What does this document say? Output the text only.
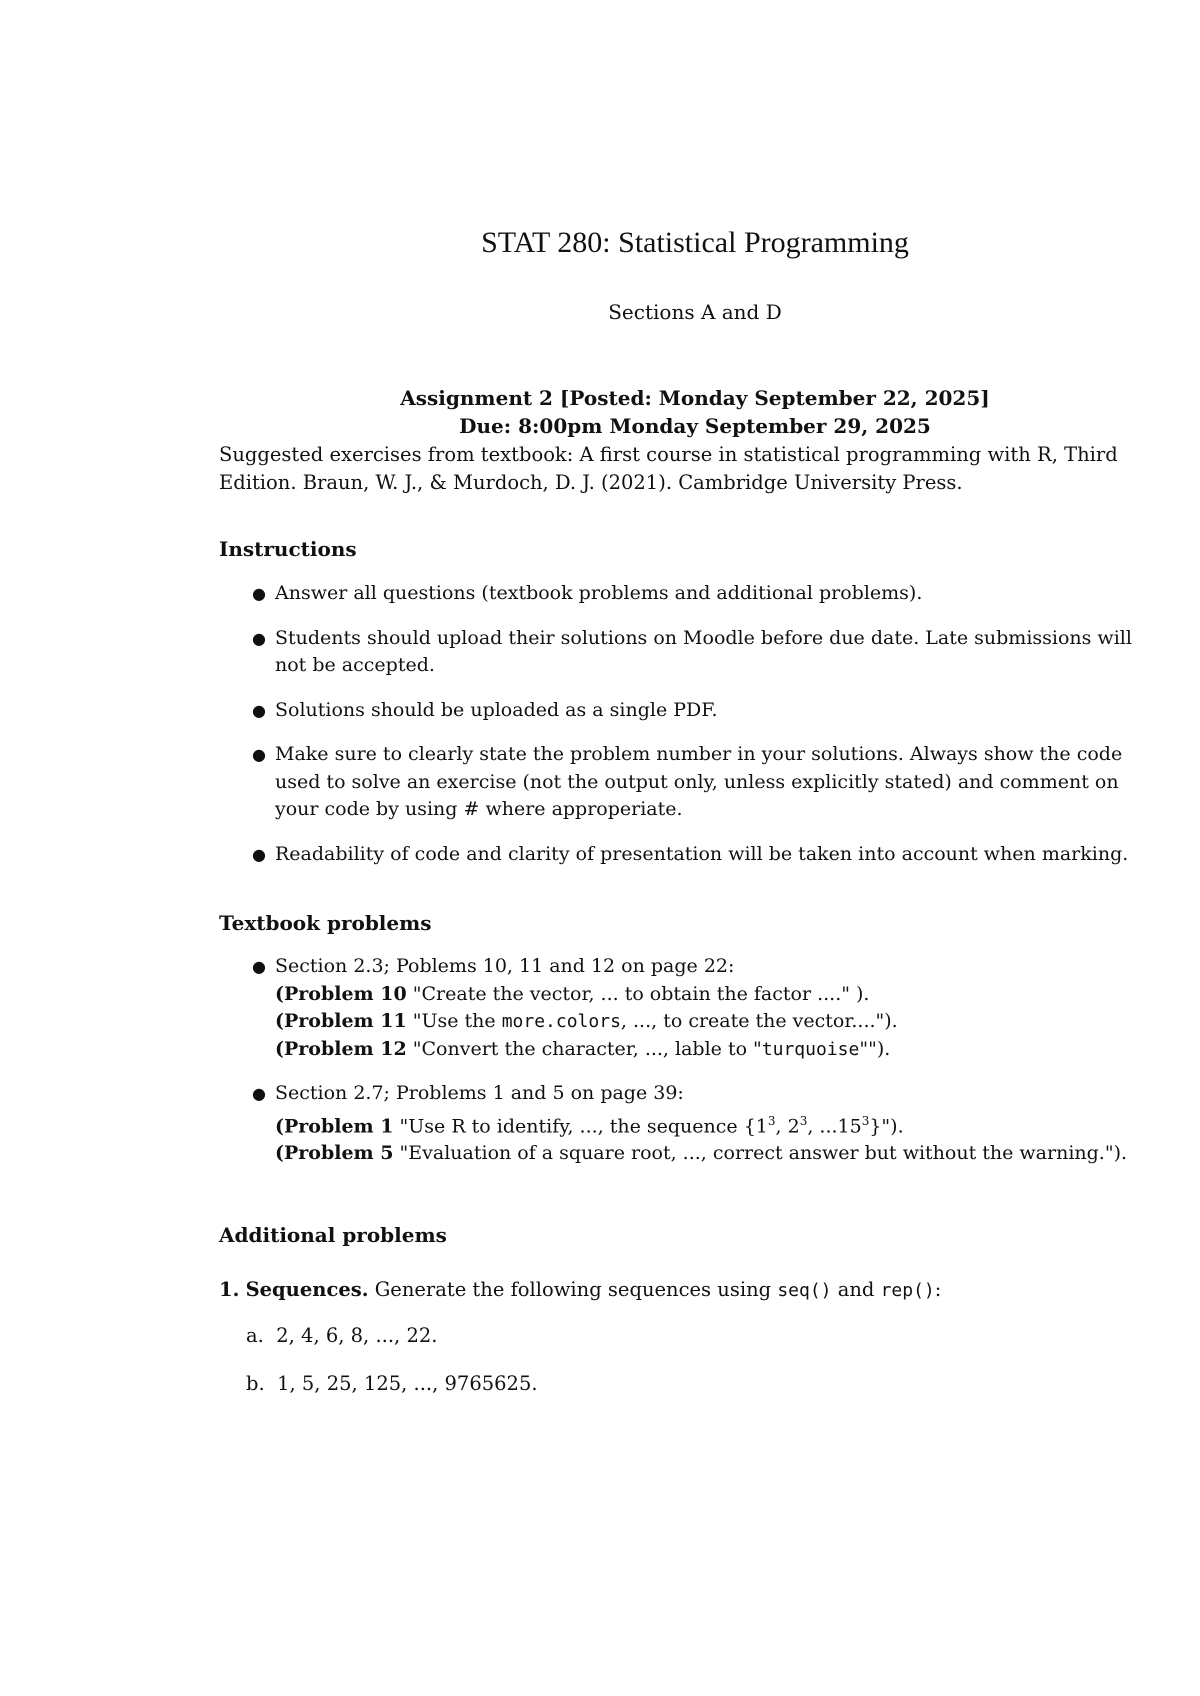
STAT 280: Statistical Programming
Sections A and D
Assignment 2 [Posted: Monday September 22, 2025]
Due: 8:00pm Monday September 29, 2025
Suggested exercises from textbook: A first course in statistical programming with R, Third Edition. Braun, W. J., & Murdoch, D. J. (2021). Cambridge University Press.
Instructions
● Answer all questions (textbook problems and additional problems).
● Students should upload their solutions on Moodle before due date. Late submissions will not be accepted.
● Solutions should be uploaded as a single PDF.
● Make sure to clearly state the problem number in your solutions. Always show the code used to solve an exercise (not the output only, unless explicitly stated) and comment on your code by using # where approperiate.
● Readability of code and clarity of presentation will be taken into account when marking.
Textbook problems
● Section 2.3; Poblems 10, 11 and 12 on page 22:
(Problem 10 "Create the vector, ... to obtain the factor ...." ).
(Problem 11 "Use the more.colors, ..., to create the vector....").
(Problem 12 "Convert the character, ..., lable to "turquoise"").
● Section 2.7; Problems 1 and 5 on page 39:
(Problem 1 "Use R to identify, ..., the sequence {$1^3$, $2^3$, ...15$^3$}").
(Problem 5 "Evaluation of a square root, ..., correct answer but without the warning.").
Additional problems
1. Sequences. Generate the following sequences using seq() and rep():
a. 2, 4, 6, 8, ..., 22.
b. 1, 5, 25, 125, ..., 9765625.
